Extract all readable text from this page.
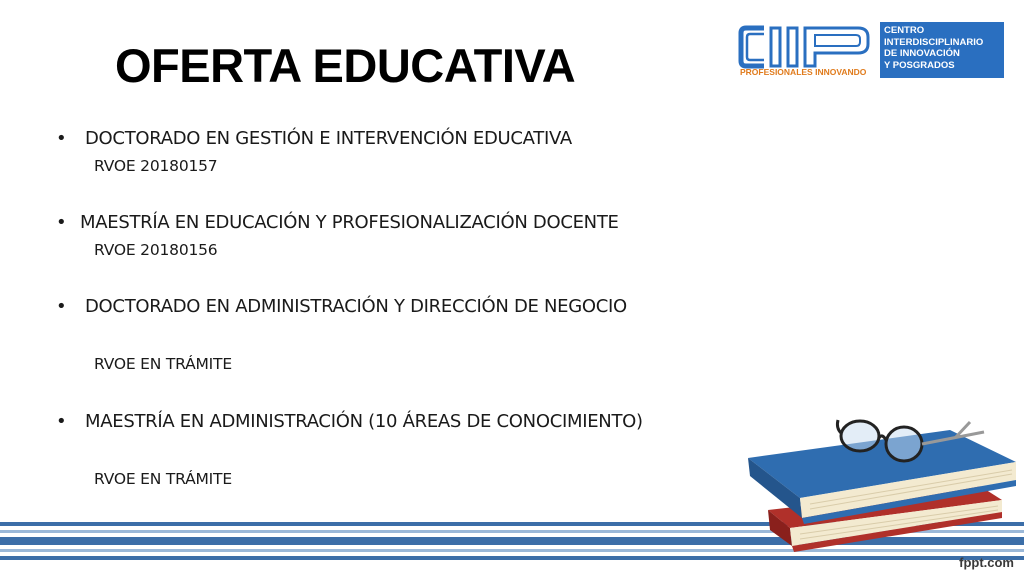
OFERTA EDUCATIVA	PROFESIONALES INNOVANDO
CENTRO
INTERDISCIPLINARIO
DE INNOVACIÓN
Y POSGRADOS
• DOCTORADO EN GESTIÓN E INTERVENCIÓN EDUCATIVA
RVOE 20180157
• MAESTRÍA EN EDUCACIÓN Y PROFESIONALIZACIÓN DOCENTE
RVOE 20180156
• DOCTORADO EN ADMINISTRACIÓN Y DIRECCIÓN DE NEGOCIO
RVOE EN TRÁMITE
• MAESTRÍA EN ADMINISTRACIÓN (10 ÁREAS DE CONOCIMIENTO)
RVOE EN TRÁMITE
fppt.com
